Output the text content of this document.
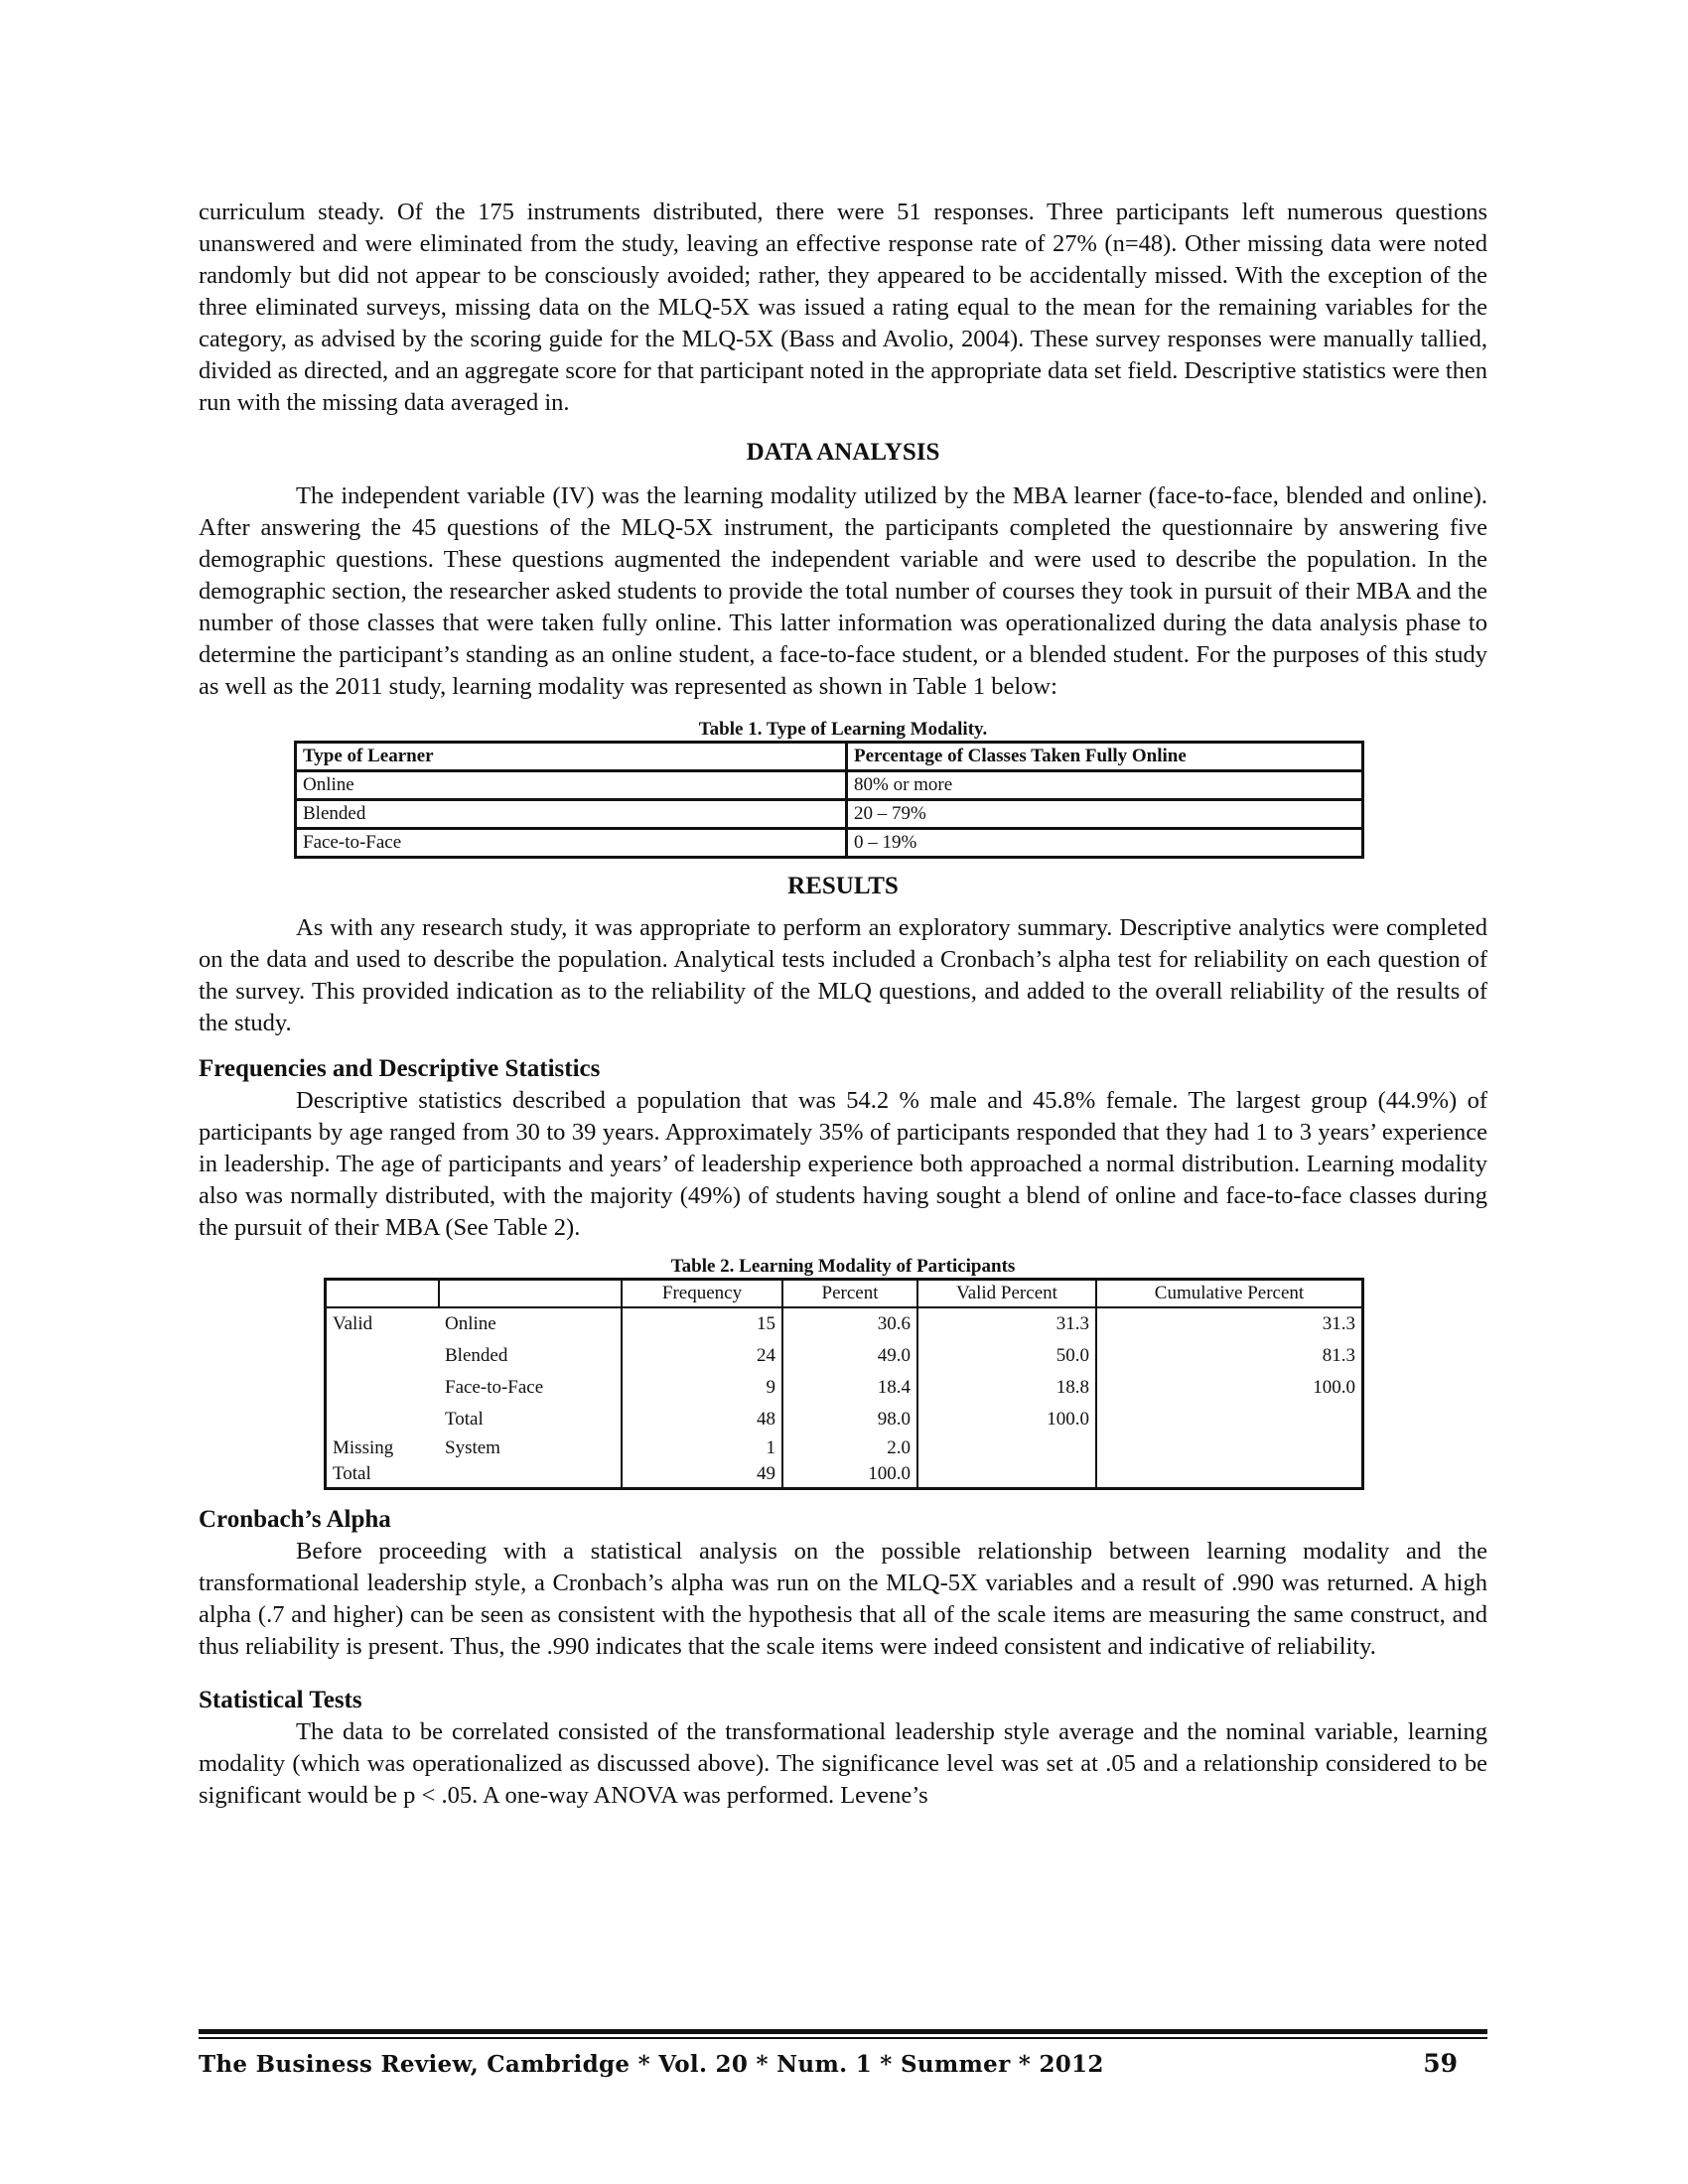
curriculum steady. Of the 175 instruments distributed, there were 51 responses. Three participants left numerous questions unanswered and were eliminated from the study, leaving an effective response rate of 27% (n=48). Other missing data were noted randomly but did not appear to be consciously avoided; rather, they appeared to be accidentally missed. With the exception of the three eliminated surveys, missing data on the MLQ-5X was issued a rating equal to the mean for the remaining variables for the category, as advised by the scoring guide for the MLQ-5X (Bass and Avolio, 2004). These survey responses were manually tallied, divided as directed, and an aggregate score for that participant noted in the appropriate data set field. Descriptive statistics were then run with the missing data averaged in.

DATA ANALYSIS

The independent variable (IV) was the learning modality utilized by the MBA learner (face-to-face, blended and online). After answering the 45 questions of the MLQ-5X instrument, the participants completed the questionnaire by answering five demographic questions. These questions augmented the independent variable and were used to describe the population. In the demographic section, the researcher asked students to provide the total number of courses they took in pursuit of their MBA and the number of those classes that were taken fully online. This latter information was operationalized during the data analysis phase to determine the participant’s standing as an online student, a face-to-face student, or a blended student. For the purposes of this study as well as the 2011 study, learning modality was represented as shown in Table 1 below:

Table 1. Type of Learning Modality.
Type of Learner	Percentage of Classes Taken Fully Online
Online	80% or more
Blended	20 – 79%
Face-to-Face	0 – 19%
RESULTS

As with any research study, it was appropriate to perform an exploratory summary. Descriptive analytics were completed on the data and used to describe the population. Analytical tests included a Cronbach’s alpha test for reliability on each question of the survey. This provided indication as to the reliability of the MLQ questions, and added to the overall reliability of the results of the study.

Frequencies and Descriptive Statistics

Descriptive statistics described a population that was 54.2 % male and 45.8% female. The largest group (44.9%) of participants by age ranged from 30 to 39 years. Approximately 35% of participants responded that they had 1 to 3 years’ experience in leadership. The age of participants and years’ of leadership experience both approached a normal distribution. Learning modality also was normally distributed, with the majority (49%) of students having sought a blend of online and face-to-face classes during the pursuit of their MBA (See Table 2).

Table 2. Learning Modality of Participants
		Frequency	Percent	Valid Percent	Cumulative Percent
Valid	Online	15	30.6	31.3	31.3
	Blended	24	49.0	50.0	81.3
	Face-to-Face	9	18.4	18.8	100.0
	Total	48	98.0	100.0	
Missing	System	1	2.0		
Total		49	100.0		
Cronbach’s Alpha

Before proceeding with a statistical analysis on the possible relationship between learning modality and the transformational leadership style, a Cronbach’s alpha was run on the MLQ-5X variables and a result of .990 was returned. A high alpha (.7 and higher) can be seen as consistent with the hypothesis that all of the scale items are measuring the same construct, and thus reliability is present. Thus, the .990 indicates that the scale items were indeed consistent and indicative of reliability.

Statistical Tests

The data to be correlated consisted of the transformational leadership style average and the nominal variable, learning modality (which was operationalized as discussed above). The significance level was set at .05 and a relationship considered to be significant would be p < .05. A one-way ANOVA was performed. Levene’s

The Business Review, Cambridge * Vol. 20 * Num. 1 * Summer * 2012	59
